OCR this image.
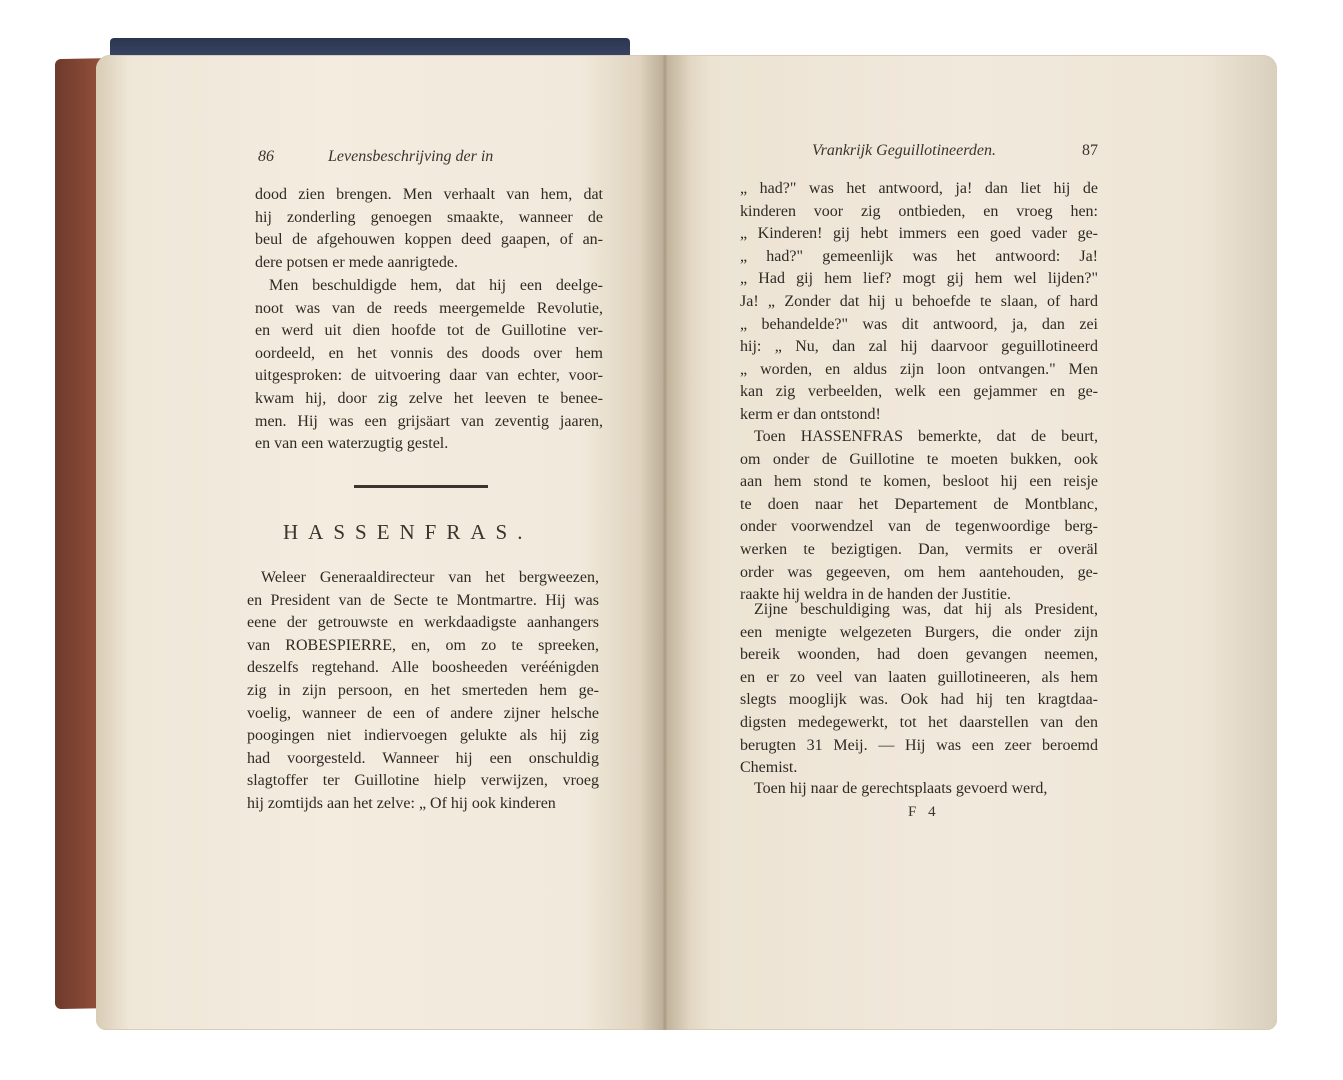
86	Levensbeschrijving der in
dood zien brengen. Men verhaalt van hem, dat
hij zonderling genoegen smaakte, wanneer de
beul de afgehouwen koppen deed gaapen, of an-
dere potsen er mede aanrigtede.
Men beschuldigde hem, dat hij een deelge-
noot was van de reeds meergemelde Revolutie,
en werd uit dien hoofde tot de Guillotine ver-
oordeeld, en het vonnis des doods over hem
uitgesproken: de uitvoering daar van echter, voor-
kwam hij, door zig zelve het leeven te benee-
men. Hij was een grijsäart van zeventig jaaren,
en van een waterzugtig gestel.
HASSENFRAS.
Weleer Generaaldirecteur van het bergweezen,
en President van de Secte te Montmartre. Hij was
eene der getrouwste en werkdaadigste aanhangers
van ROBESPIERRE, en, om zo te spreeken,
deszelfs regtehand. Alle boosheeden veréénigden
zig in zijn persoon, en het smerteden hem ge-
voelig, wanneer de een of andere zijner helsche
poogingen niet indiervoegen gelukte als hij zig
had voorgesteld. Wanneer hij een onschuldig
slagtoffer ter Guillotine hielp verwijzen, vroeg
hij zomtijds aan het zelve: „ Of hij ook kinderen
Vrankrijk Geguillotineerden.	87
„ had?" was het antwoord, ja! dan liet hij de
kinderen voor zig ontbieden, en vroeg hen:
„ Kinderen! gij hebt immers een goed vader ge-
„ had?" gemeenlijk was het antwoord: Ja!
„ Had gij hem lief? mogt gij hem wel lijden?"
Ja! „ Zonder dat hij u behoefde te slaan, of hard
„ behandelde?" was dit antwoord, ja, dan zei
hij: „ Nu, dan zal hij daarvoor geguillotineerd
„ worden, en aldus zijn loon ontvangen." Men
kan zig verbeelden, welk een gejammer en ge-
kerm er dan ontstond!
Toen HASSENFRAS bemerkte, dat de beurt,
om onder de Guillotine te moeten bukken, ook
aan hem stond te komen, besloot hij een reisje
te doen naar het Departement de Montblanc,
onder voorwendzel van de tegenwoordige berg-
werken te bezigtigen. Dan, vermits er overäl
order was gegeeven, om hem aantehouden, ge-
raakte hij weldra in de handen der Justitie.
Zijne beschuldiging was, dat hij als President,
een menigte welgezeten Burgers, die onder zijn
bereik woonden, had doen gevangen neemen,
en er zo veel van laaten guillotineeren, als hem
slegts mooglijk was. Ook had hij ten kragtdaa-
digsten medegewerkt, tot het daarstellen van den
berugten 31 Meij. — Hij was een zeer beroemd
Chemist.
Toen hij naar de gerechtsplaats gevoerd werd,
F 4
